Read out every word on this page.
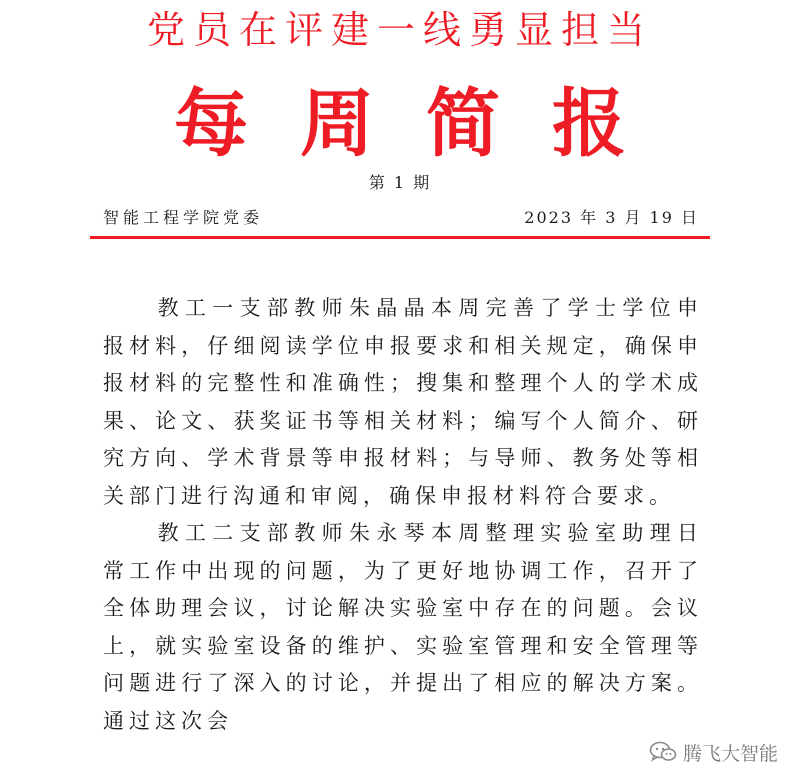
党员在评建一线勇显担当
每周简报
第 1 期
智能工程学院党委	2023 年 3 月 19 日

教工一支部教师朱晶晶本周完善了学士学位申报材料，仔细阅读学位申报要求和相关规定，确保申报材料的完整性和准确性；搜集和整理个人的学术成果、论文、获奖证书等相关材料；编写个人简介、研究方向、学术背景等申报材料；与导师、教务处等相关部门进行沟通和审阅，确保申报材料符合要求。

教工二支部教师朱永琴本周整理实验室助理日常工作中出现的问题，为了更好地协调工作，召开了全体助理会议，讨论解决实验室中存在的问题。会议上，就实验室设备的维护、实验室管理和安全管理等问题进行了深入的讨论，并提出了相应的解决方案。通过这次会

腾飞大智能
